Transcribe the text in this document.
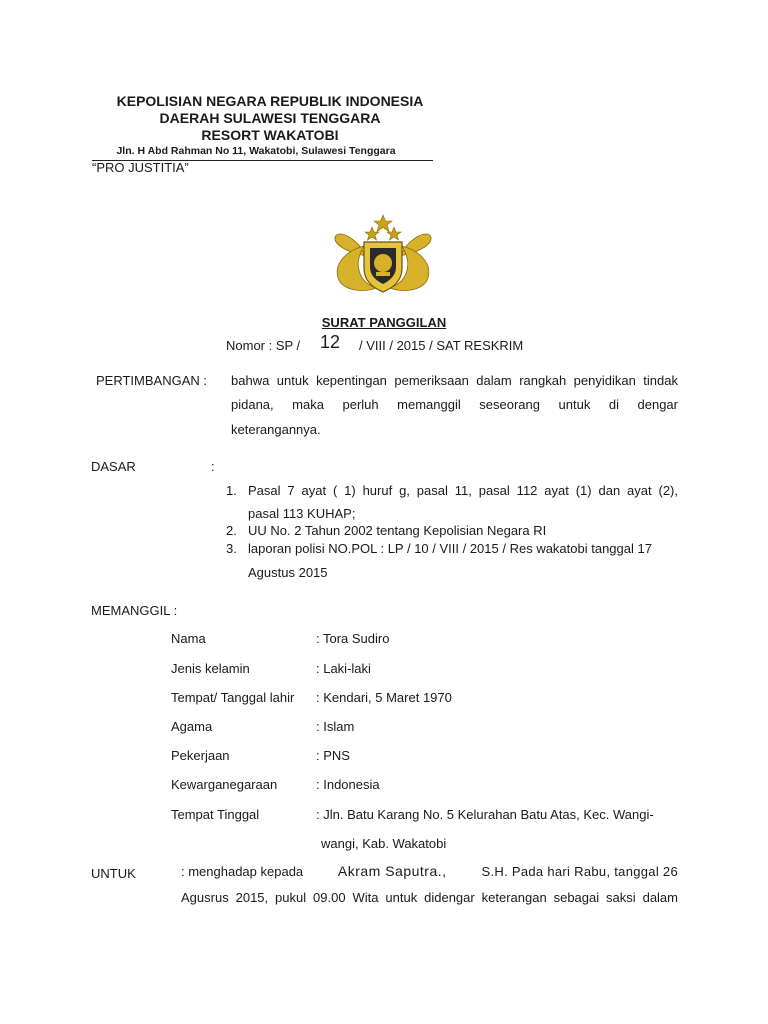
KEPOLISIAN NEGARA REPUBLIK INDONESIA
DAERAH SULAWESI TENGGARA
RESORT WAKATOBI
Jln. H Abd Rahman No 11, Wakatobi, Sulawesi Tenggara
“PRO JUSTITIA”
SURAT PANGGILAN
Nomor : SP / 12 / VIII / 2015 / SAT RESKRIM
PERTIMBANGAN : bahwa untuk kepentingan pemeriksaan dalam rangkah penyidikan tindak
pidana, maka perluh memanggil seseorang untuk di dengar
keterangannya.
DASAR	:
1. Pasal 7 ayat ( 1) huruf g, pasal 11, pasal 112 ayat (1) dan ayat (2),
pasal 113 KUHAP;
2. UU No. 2 Tahun 2002 tentang Kepolisian Negara RI
3. laporan polisi NO.POL : LP / 10 / VIII / 2015 / Res wakatobi tanggal 17
Agustus 2015
MEMANGGIL :
Nama	: Tora Sudiro
Jenis kelamin	: Laki-laki
Tempat/ Tanggal lahir : Kendari, 5 Maret 1970
Agama	: Islam
Pekerjaan	: PNS
Kewarganegaraan	: Indonesia
Tempat Tinggal	: Jln. Batu Karang No. 5 Kelurahan Batu Atas, Kec. Wangi-
wangi, Kab. Wakatobi
UNTUK	: menghadap kepada Akram Saputra., S.H. Pada hari Rabu, tanggal 26
Agusrus 2015, pukul 09.00 Wita untuk didengar keterangan sebagai saksi dalam
